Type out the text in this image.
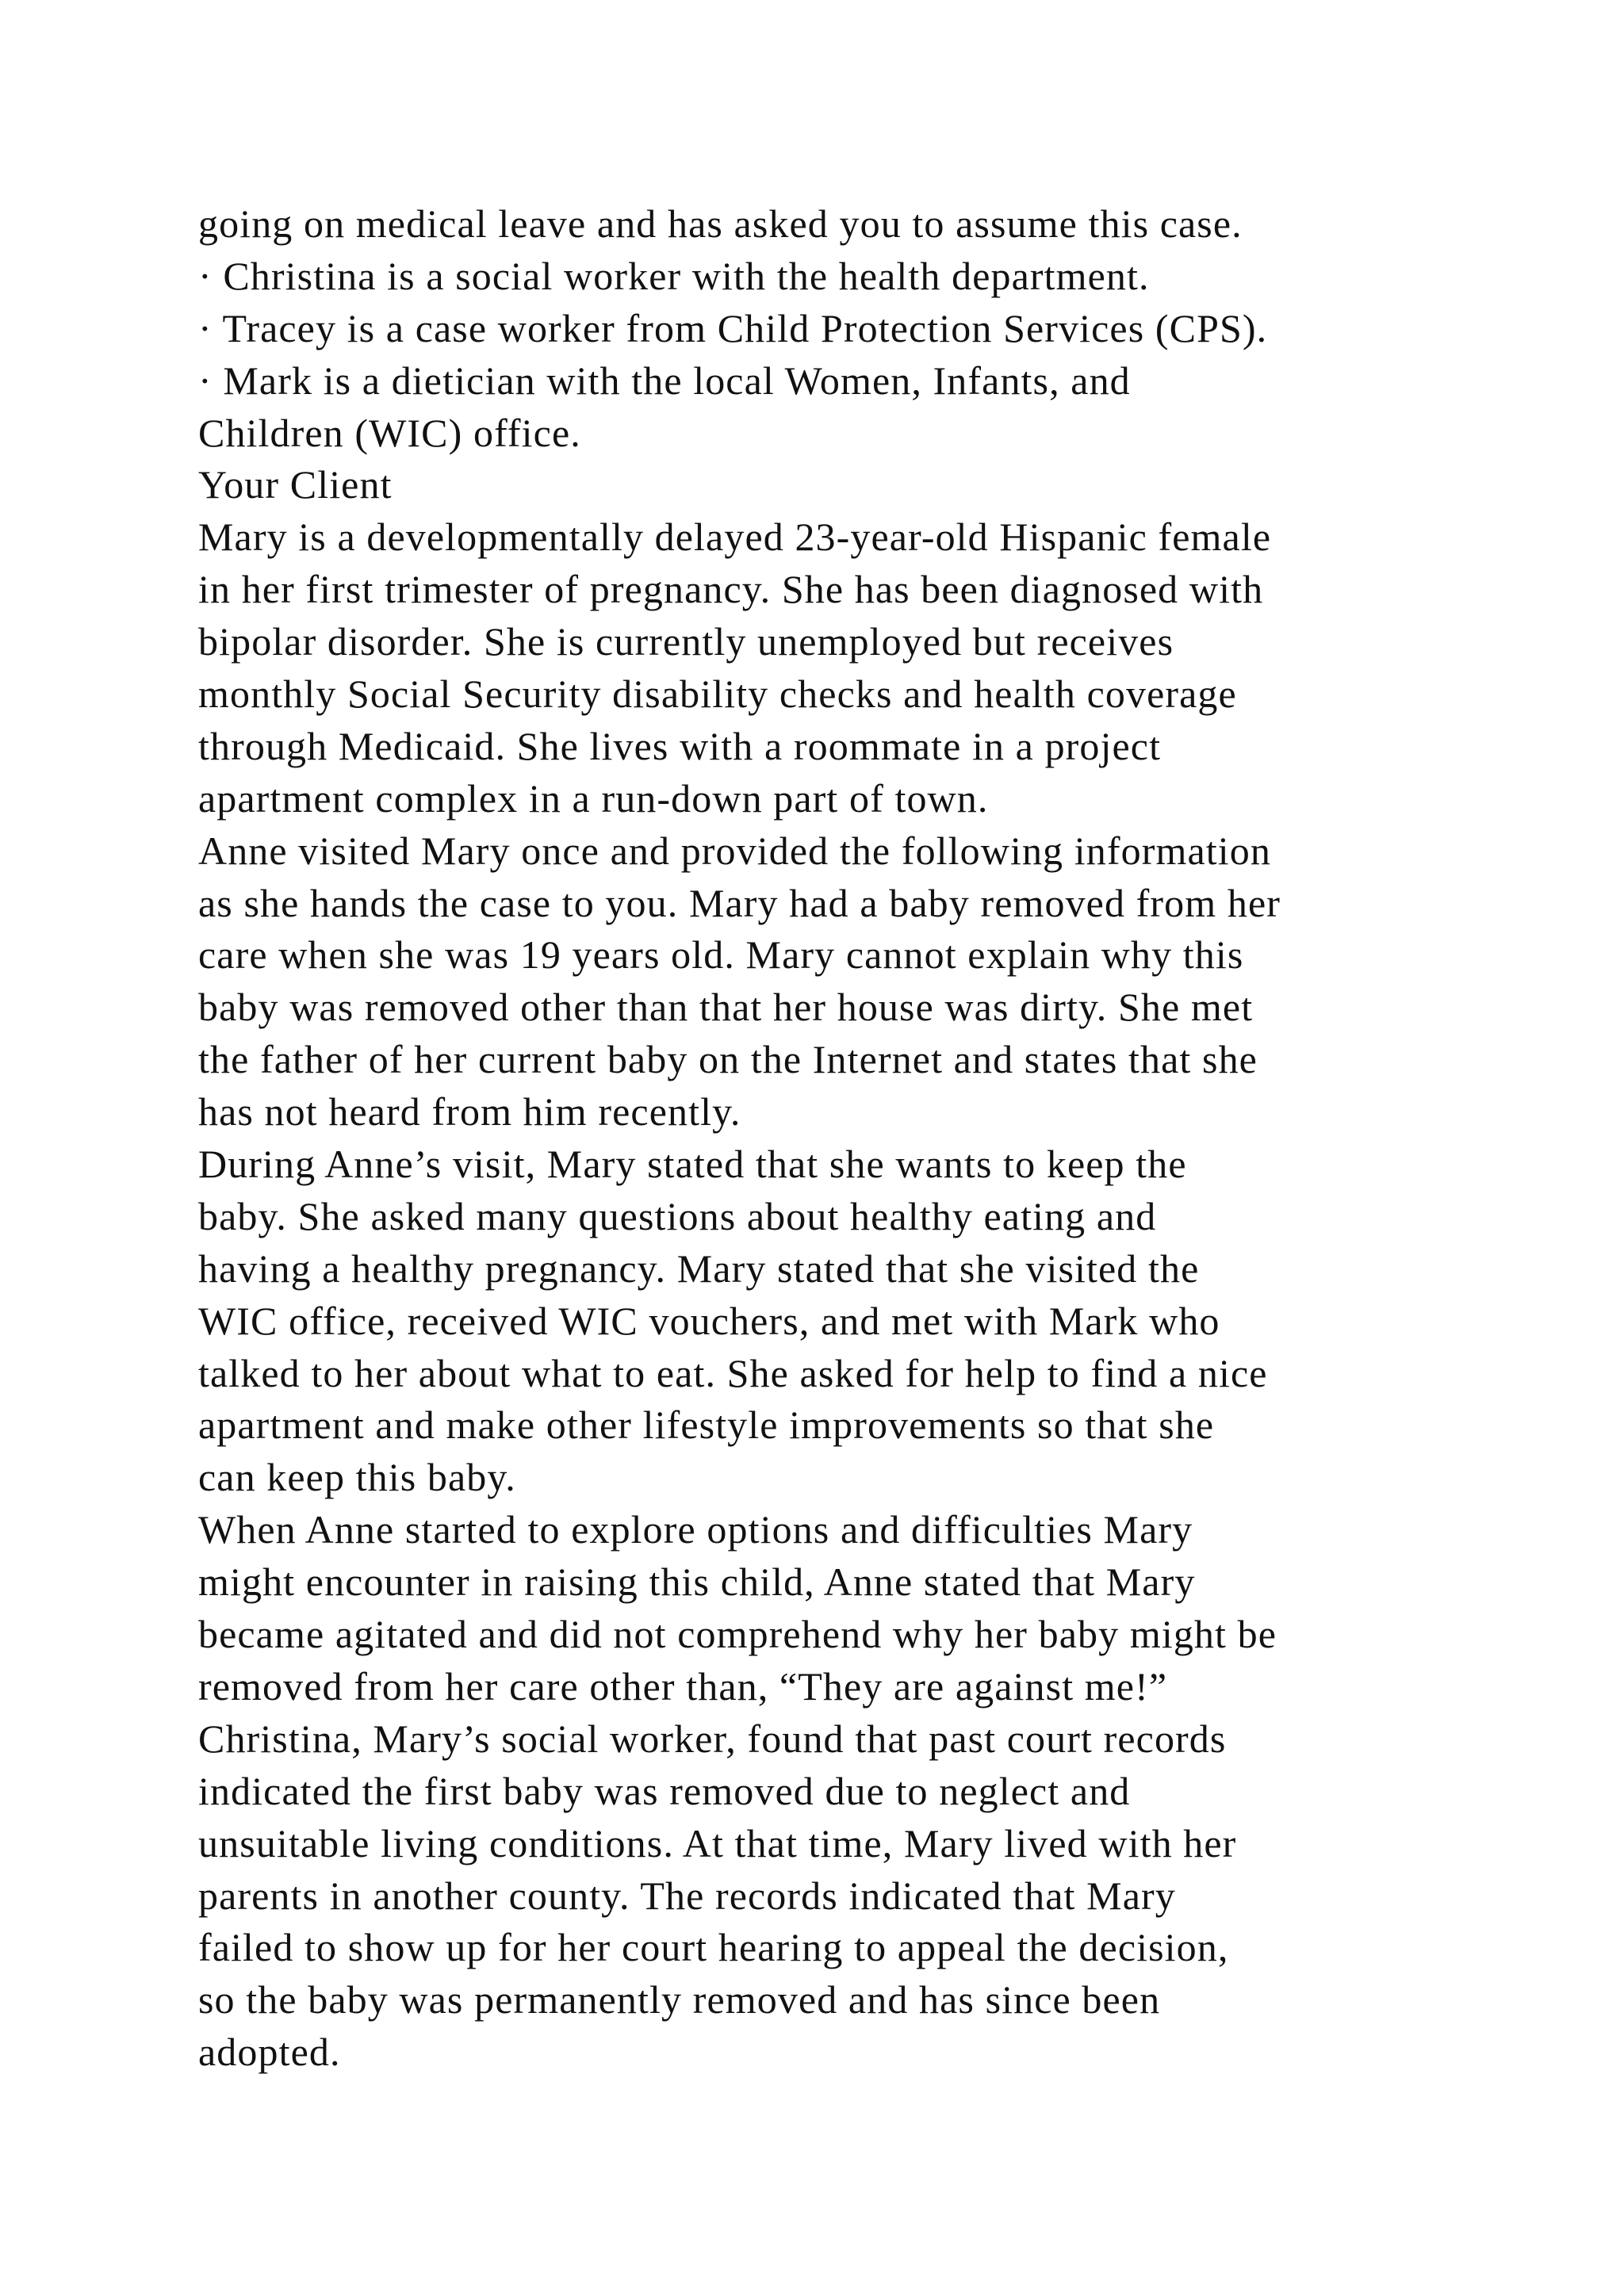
going on medical leave and has asked you to assume this case.
· Christina is a social worker with the health department.
· Tracey is a case worker from Child Protection Services (CPS).
· Mark is a dietician with the local Women, Infants, and
Children (WIC) office.
Your Client
Mary is a developmentally delayed 23-year-old Hispanic female
in her first trimester of pregnancy. She has been diagnosed with
bipolar disorder. She is currently unemployed but receives
monthly Social Security disability checks and health coverage
through Medicaid. She lives with a roommate in a project
apartment complex in a run-down part of town.
Anne visited Mary once and provided the following information
as she hands the case to you. Mary had a baby removed from her
care when she was 19 years old. Mary cannot explain why this
baby was removed other than that her house was dirty. She met
the father of her current baby on the Internet and states that she
has not heard from him recently.
During Anne’s visit, Mary stated that she wants to keep the
baby. She asked many questions about healthy eating and
having a healthy pregnancy. Mary stated that she visited the
WIC office, received WIC vouchers, and met with Mark who
talked to her about what to eat. She asked for help to find a nice
apartment and make other lifestyle improvements so that she
can keep this baby.
When Anne started to explore options and difficulties Mary
might encounter in raising this child, Anne stated that Mary
became agitated and did not comprehend why her baby might be
removed from her care other than, “They are against me!”
Christina, Mary’s social worker, found that past court records
indicated the first baby was removed due to neglect and
unsuitable living conditions. At that time, Mary lived with her
parents in another county. The records indicated that Mary
failed to show up for her court hearing to appeal the decision,
so the baby was permanently removed and has since been
adopted.
